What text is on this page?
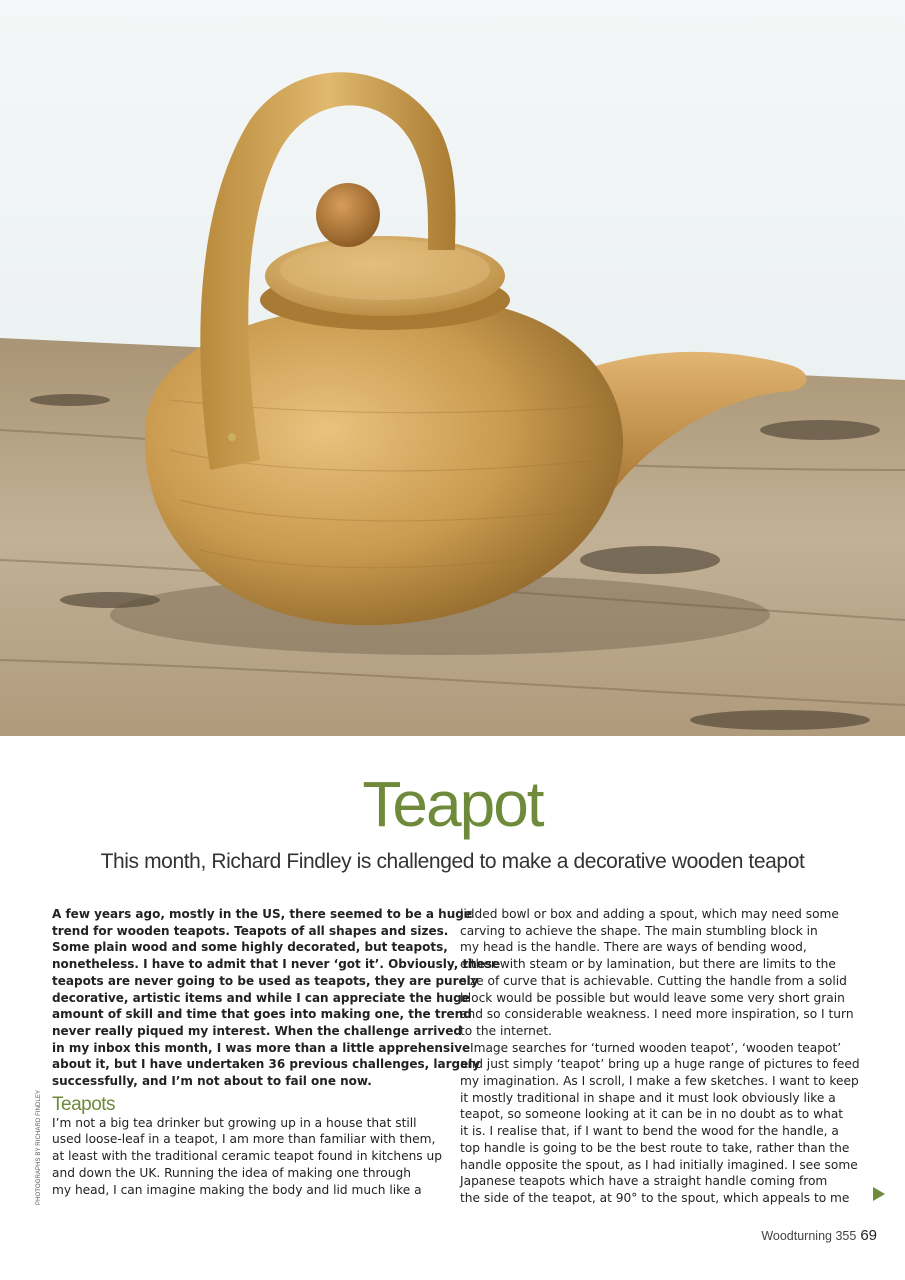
Teapot

This month, Richard Findley is challenged to make a decorative wooden teapot

A few years ago, mostly in the US, there seemed to be a huge
trend for wooden teapots. Teapots of all shapes and sizes.
Some plain wood and some highly decorated, but teapots,
nonetheless. I have to admit that I never ‘got it’. Obviously, these
teapots are never going to be used as teapots, they are purely
decorative, artistic items and while I can appreciate the huge
amount of skill and time that goes into making one, the trend
never really piqued my interest. When the challenge arrived
in my inbox this month, I was more than a little apprehensive
about it, but I have undertaken 36 previous challenges, largely
successfully, and I’m not about to fail one now.
Teapots
I’m not a big tea drinker but growing up in a house that still
used loose-leaf in a teapot, I am more than familiar with them,
at least with the traditional ceramic teapot found in kitchens up
and down the UK. Running the idea of making one through
my head, I can imagine making the body and lid much like a
lidded bowl or box and adding a spout, which may need some
carving to achieve the shape. The main stumbling block in
my head is the handle. There are ways of bending wood,
either with steam or by lamination, but there are limits to the
size of curve that is achievable. Cutting the handle from a solid
block would be possible but would leave some very short grain
and so considerable weakness. I need more inspiration, so I turn
to the internet.
Image searches for ‘turned wooden teapot’, ‘wooden teapot’
and just simply ‘teapot’ bring up a huge range of pictures to feed
my imagination. As I scroll, I make a few sketches. I want to keep
it mostly traditional in shape and it must look obviously like a
teapot, so someone looking at it can be in no doubt as to what
it is. I realise that, if I want to bend the wood for the handle, a
top handle is going to be the best route to take, rather than the
handle opposite the spout, as I had initially imagined. I see some
Japanese teapots which have a straight handle coming from
the side of the teapot, at 90° to the spout, which appeals to me
PHOTOGRAPHS BY RICHARD FINDLEY
Woodturning 355 69
